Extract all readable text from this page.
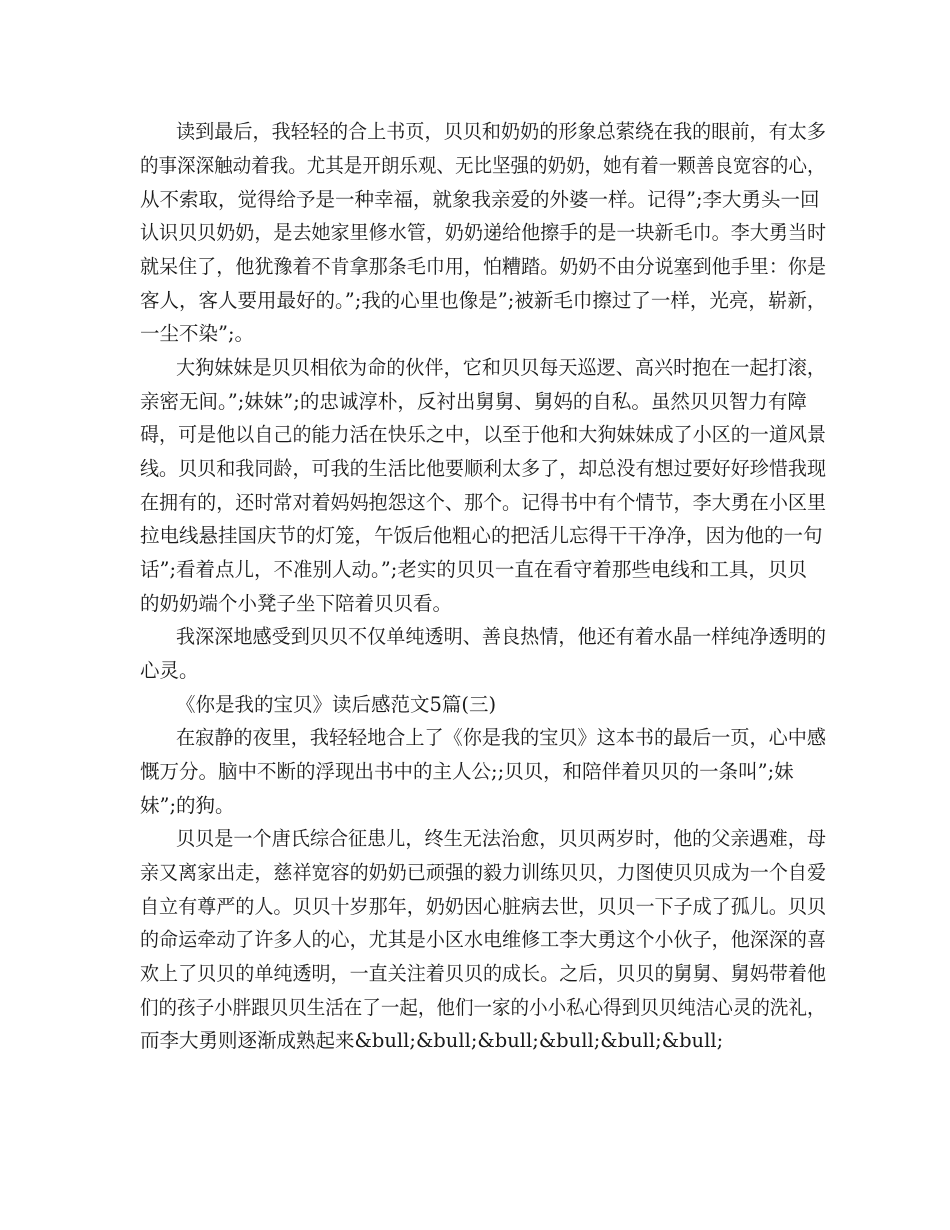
读到最后，我轻轻的合上书页，贝贝和奶奶的形象总萦绕在我的眼前，有太多

的事深深触动着我。尤其是开朗乐观、无比坚强的奶奶，她有着一颗善良宽容的心，

从不索取，觉得给予是一种幸福，就象我亲爱的外婆一样。记得”;李大勇头一回

认识贝贝奶奶，是去她家里修水管，奶奶递给他擦手的是一块新毛巾。李大勇当时

就呆住了，他犹豫着不肯拿那条毛巾用，怕糟踏。奶奶不由分说塞到他手里：你是

客人，客人要用最好的。”;我的心里也像是”;被新毛巾擦过了一样，光亮，崭新，

一尘不染”;。

大狗妹妹是贝贝相依为命的伙伴，它和贝贝每天巡逻、高兴时抱在一起打滚，

亲密无间。”;妹妹”;的忠诚淳朴，反衬出舅舅、舅妈的自私。虽然贝贝智力有障

碍，可是他以自己的能力活在快乐之中，以至于他和大狗妹妹成了小区的一道风景

线。贝贝和我同龄，可我的生活比他要顺利太多了，却总没有想过要好好珍惜我现

在拥有的，还时常对着妈妈抱怨这个、那个。记得书中有个情节，李大勇在小区里

拉电线悬挂国庆节的灯笼，午饭后他粗心的把活儿忘得干干净净，因为他的一句

话”;看着点儿，不准别人动。”;老实的贝贝一直在看守着那些电线和工具，贝贝

的奶奶端个小凳子坐下陪着贝贝看。

我深深地感受到贝贝不仅单纯透明、善良热情，他还有着水晶一样纯净透明的

心灵。

《你是我的宝贝》读后感范文5篇(三)

在寂静的夜里，我轻轻地合上了《你是我的宝贝》这本书的最后一页，心中感

慨万分。脑中不断的浮现出书中的主人公;;贝贝，和陪伴着贝贝的一条叫”;妹

妹”;的狗。

贝贝是一个唐氏综合征患儿，终生无法治愈，贝贝两岁时，他的父亲遇难，母

亲又离家出走，慈祥宽容的奶奶已顽强的毅力训练贝贝，力图使贝贝成为一个自爱

自立有尊严的人。贝贝十岁那年，奶奶因心脏病去世，贝贝一下子成了孤儿。贝贝

的命运牵动了许多人的心，尤其是小区水电维修工李大勇这个小伙子，他深深的喜

欢上了贝贝的单纯透明，一直关注着贝贝的成长。之后，贝贝的舅舅、舅妈带着他

们的孩子小胖跟贝贝生活在了一起，他们一家的小小私心得到贝贝纯洁心灵的洗礼，

而李大勇则逐渐成熟起来&bull;&bull;&bull;&bull;&bull;&bull;
